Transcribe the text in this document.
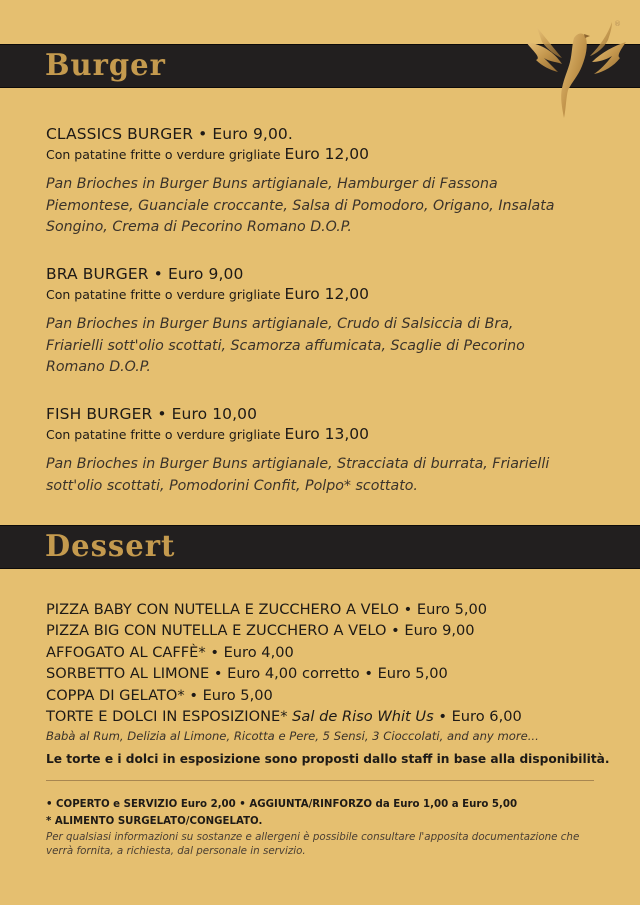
Burger
®
CLASSICS BURGER • Euro 9,00.
Con patatine fritte o verdure grigliate Euro 12,00
Pan Brioches in Burger Buns artigianale, Hamburger di Fassona Piemontese, Guanciale croccante, Salsa di Pomodoro, Origano, Insalata Songino, Crema di Pecorino Romano D.O.P.
BRA BURGER • Euro 9,00
Con patatine fritte o verdure grigliate Euro 12,00
Pan Brioches in Burger Buns artigianale, Crudo di Salsiccia di Bra, Friarielli sott'olio scottati, Scamorza affumicata, Scaglie di Pecorino Romano D.O.P.
FISH BURGER • Euro 10,00
Con patatine fritte o verdure grigliate Euro 13,00
Pan Brioches in Burger Buns artigianale, Stracciata di burrata, Friarielli sott'olio scottati, Pomodorini Confit, Polpo* scottato.
Dessert
PIZZA BABY CON NUTELLA E ZUCCHERO A VELO • Euro 5,00
PIZZA BIG CON NUTELLA E ZUCCHERO A VELO • Euro 9,00
AFFOGATO AL CAFFÈ* • Euro 4,00
SORBETTO AL LIMONE • Euro 4,00 corretto • Euro 5,00
COPPA DI GELATO* • Euro 5,00
TORTE E DOLCI IN ESPOSIZIONE* Sal de Riso Whit Us • Euro 6,00
Babà al Rum, Delizia al Limone, Ricotta e Pere, 5 Sensi, 3 Cioccolati, and any more...
Le torte e i dolci in esposizione sono proposti dallo staff in base alla disponibilità.
• COPERTO e SERVIZIO Euro 2,00 • AGGIUNTA/RINFORZO da Euro 1,00 a Euro 5,00
* ALIMENTO SURGELATO/CONGELATO.
Per qualsiasi informazioni su sostanze e allergeni è possibile consultare l'apposita documentazione che verrà fornita, a richiesta, dal personale in servizio.
